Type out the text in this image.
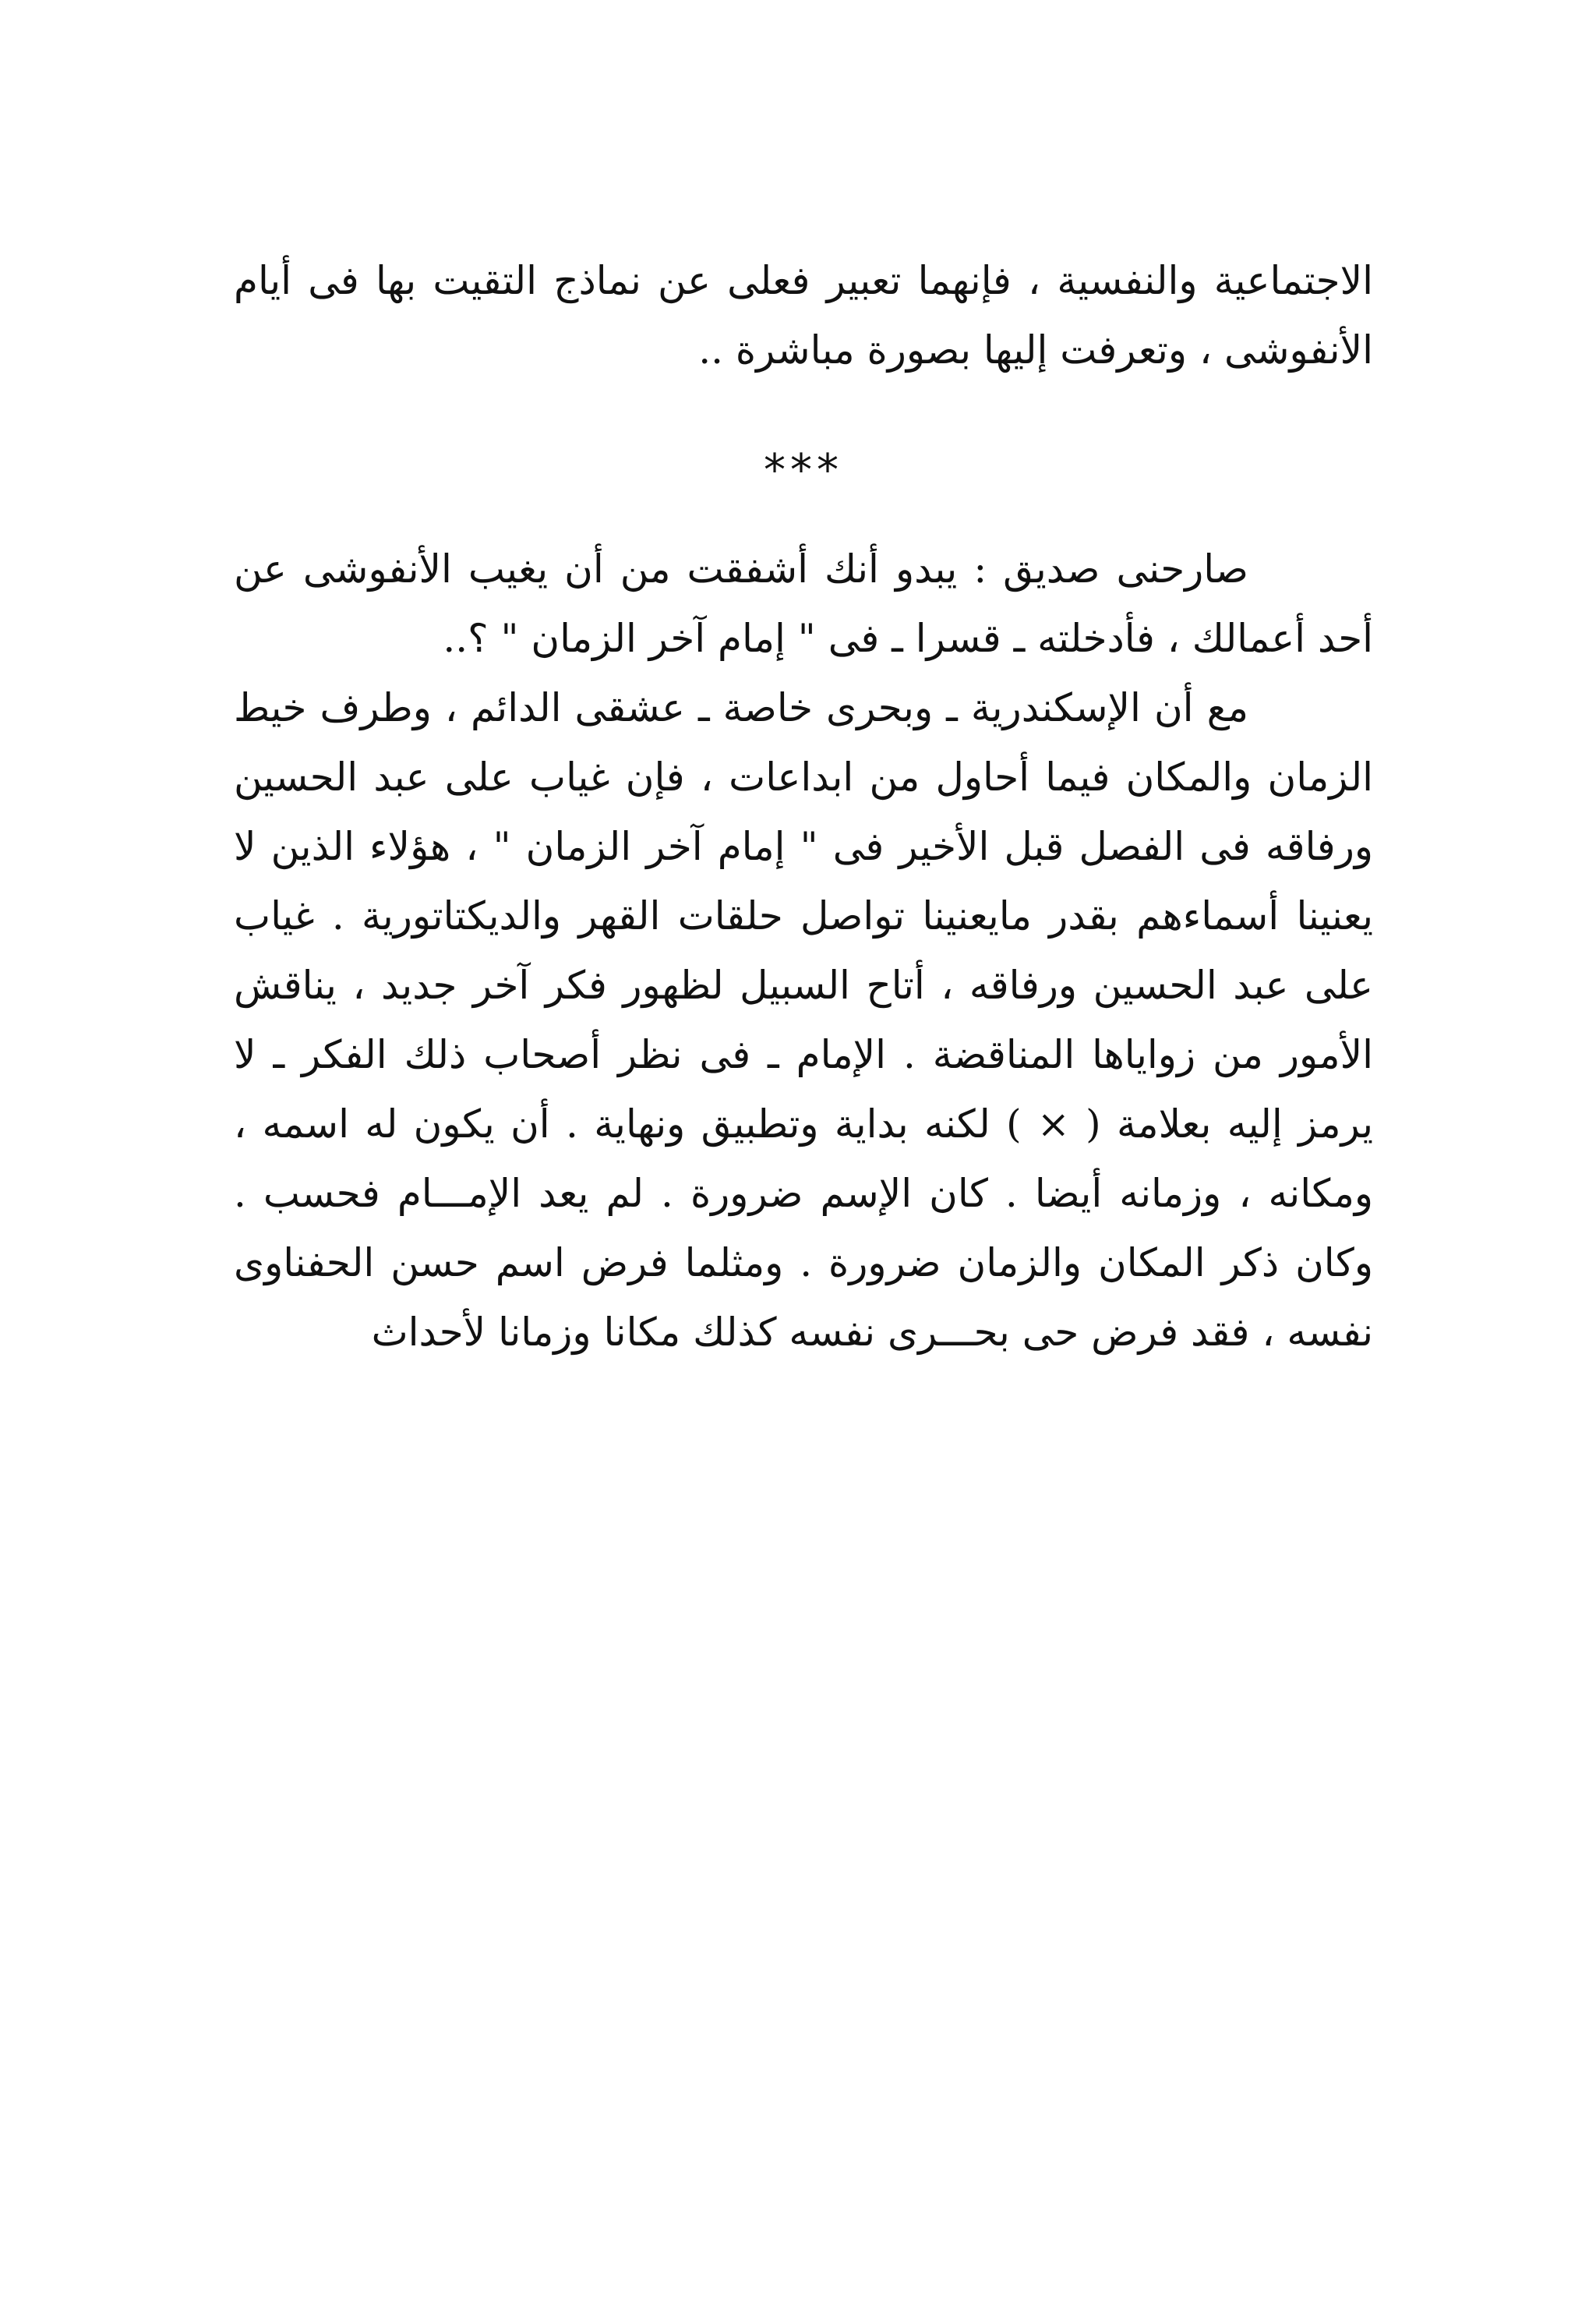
الاجتماعية والنفسية ، فإنهما تعبير فعلى عن نماذج التقيت بها فى أيام الأنفوشى ، وتعرفت إليها بصورة مباشرة ..

***

صارحنى صديق : يبدو أنك أشفقت من أن يغيب الأنفوشى عن أحد أعمالك ، فأدخلته ـ قسرا ـ فى " إمام آخر الزمان " ؟..

مع أن الإسكندرية ـ وبحرى خاصة ـ عشقى الدائم ، وطرف خيط الزمان والمكان فيما أحاول من ابداعات ، فإن غياب على عبد الحسين ورفاقه فى الفصل قبل الأخير فى " إمام آخر الزمان " ، هؤلاء الذين لا يعنينا أسماءهم بقدر مايعنينا تواصل حلقات القهر والديكتاتورية . غياب على عبد الحسين ورفاقه ، أتاح السبيل لظهور فكر آخر جديد ، يناقش الأمور من زواياها المناقضة . الإمام ـ فى نظر أصحاب ذلك الفكر ـ لا يرمز إليه بعلامة ( × ) لكنه بداية وتطبيق ونهاية . أن يكون له اسمه ، ومكانه ، وزمانه أيضا . كان الإسم ضرورة . لم يعد الإمـــام فحسب . وكان ذكر المكان والزمان ضرورة . ومثلما فرض اسم حسن الحفناوى نفسه ، فقد فرض حى بحـــرى نفسه كذلك مكانا وزمانا لأحداث
